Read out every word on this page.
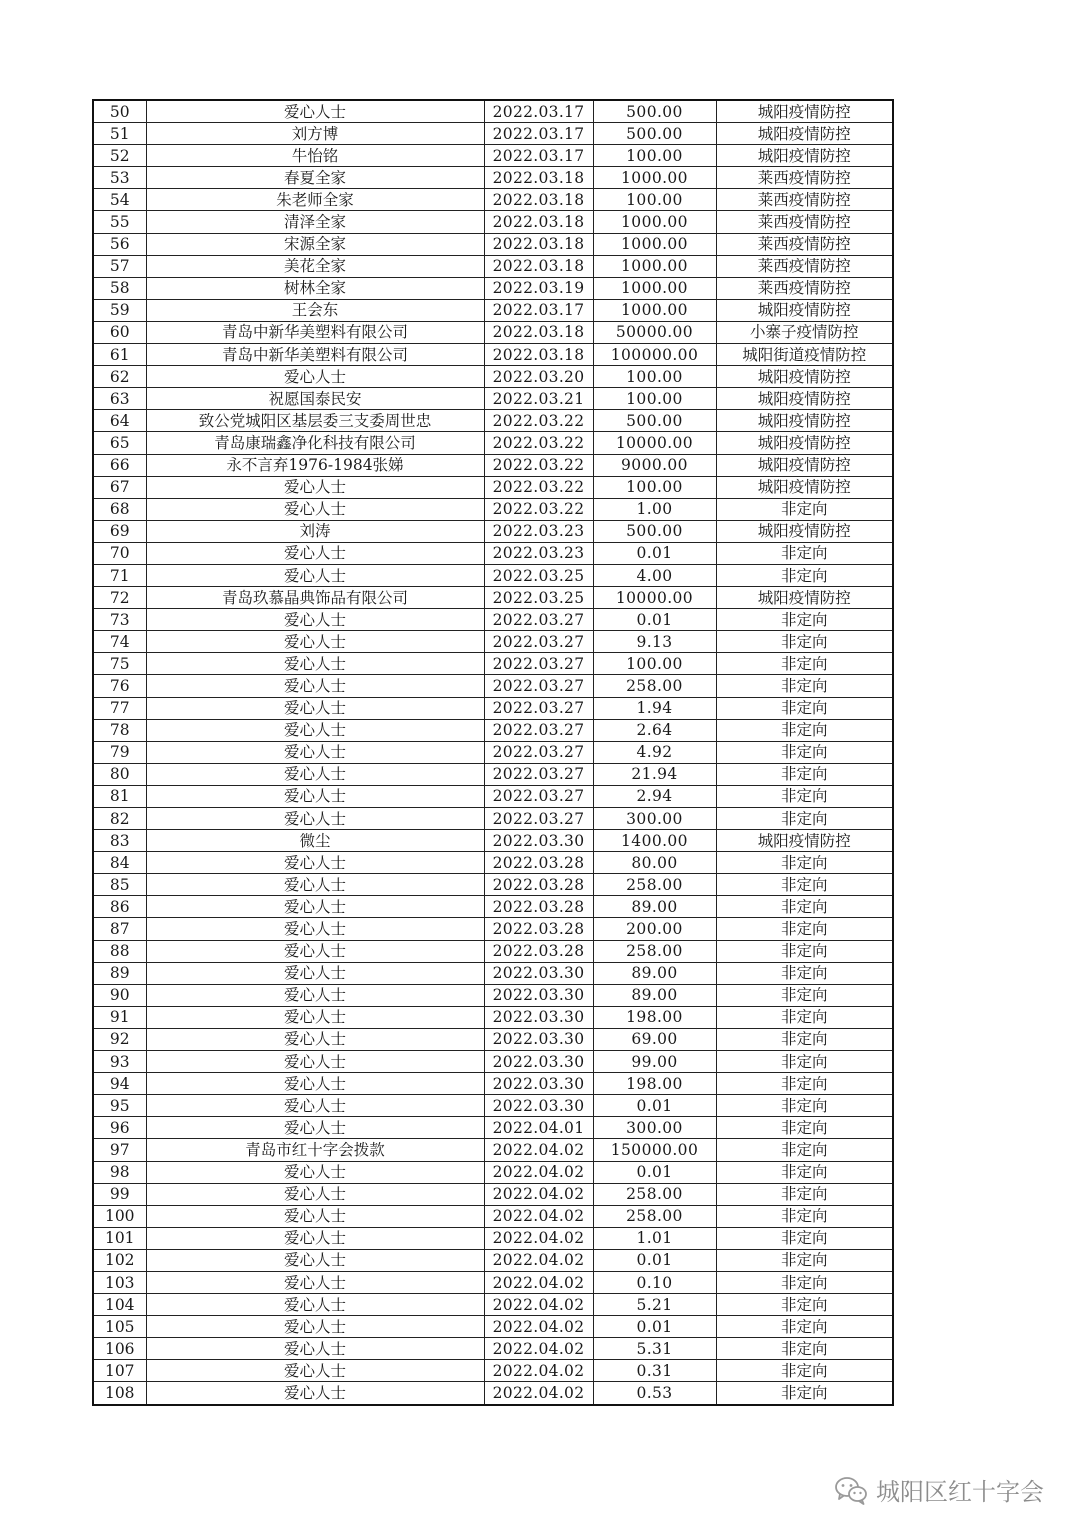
50	爱心人士	2022.03.17	500.00	城阳疫情防控
51	刘方博	2022.03.17	500.00	城阳疫情防控
52	牛怡铭	2022.03.17	100.00	城阳疫情防控
53	春夏全家	2022.03.18	1000.00	莱西疫情防控
54	朱老师全家	2022.03.18	100.00	莱西疫情防控
55	清泽全家	2022.03.18	1000.00	莱西疫情防控
56	宋源全家	2022.03.18	1000.00	莱西疫情防控
57	美花全家	2022.03.18	1000.00	莱西疫情防控
58	树林全家	2022.03.19	1000.00	莱西疫情防控
59	王会东	2022.03.17	1000.00	城阳疫情防控
60	青岛中新华美塑料有限公司	2022.03.18	50000.00	小寨子疫情防控
61	青岛中新华美塑料有限公司	2022.03.18	100000.00	城阳街道疫情防控
62	爱心人士	2022.03.20	100.00	城阳疫情防控
63	祝愿国泰民安	2022.03.21	100.00	城阳疫情防控
64	致公党城阳区基层委三支委周世忠	2022.03.22	500.00	城阳疫情防控
65	青岛康瑞鑫净化科技有限公司	2022.03.22	10000.00	城阳疫情防控
66	永不言弃1976-1984张娣	2022.03.22	9000.00	城阳疫情防控
67	爱心人士	2022.03.22	100.00	城阳疫情防控
68	爱心人士	2022.03.22	1.00	非定向
69	刘涛	2022.03.23	500.00	城阳疫情防控
70	爱心人士	2022.03.23	0.01	非定向
71	爱心人士	2022.03.25	4.00	非定向
72	青岛玖慕晶典饰品有限公司	2022.03.25	10000.00	城阳疫情防控
73	爱心人士	2022.03.27	0.01	非定向
74	爱心人士	2022.03.27	9.13	非定向
75	爱心人士	2022.03.27	100.00	非定向
76	爱心人士	2022.03.27	258.00	非定向
77	爱心人士	2022.03.27	1.94	非定向
78	爱心人士	2022.03.27	2.64	非定向
79	爱心人士	2022.03.27	4.92	非定向
80	爱心人士	2022.03.27	21.94	非定向
81	爱心人士	2022.03.27	2.94	非定向
82	爱心人士	2022.03.27	300.00	非定向
83	微尘	2022.03.30	1400.00	城阳疫情防控
84	爱心人士	2022.03.28	80.00	非定向
85	爱心人士	2022.03.28	258.00	非定向
86	爱心人士	2022.03.28	89.00	非定向
87	爱心人士	2022.03.28	200.00	非定向
88	爱心人士	2022.03.28	258.00	非定向
89	爱心人士	2022.03.30	89.00	非定向
90	爱心人士	2022.03.30	89.00	非定向
91	爱心人士	2022.03.30	198.00	非定向
92	爱心人士	2022.03.30	69.00	非定向
93	爱心人士	2022.03.30	99.00	非定向
94	爱心人士	2022.03.30	198.00	非定向
95	爱心人士	2022.03.30	0.01	非定向
96	爱心人士	2022.04.01	300.00	非定向
97	青岛市红十字会拨款	2022.04.02	150000.00	非定向
98	爱心人士	2022.04.02	0.01	非定向
99	爱心人士	2022.04.02	258.00	非定向
100	爱心人士	2022.04.02	258.00	非定向
101	爱心人士	2022.04.02	1.01	非定向
102	爱心人士	2022.04.02	0.01	非定向
103	爱心人士	2022.04.02	0.10	非定向
104	爱心人士	2022.04.02	5.21	非定向
105	爱心人士	2022.04.02	0.01	非定向
106	爱心人士	2022.04.02	5.31	非定向
107	爱心人士	2022.04.02	0.31	非定向
108	爱心人士	2022.04.02	0.53	非定向
城阳区红十字会
